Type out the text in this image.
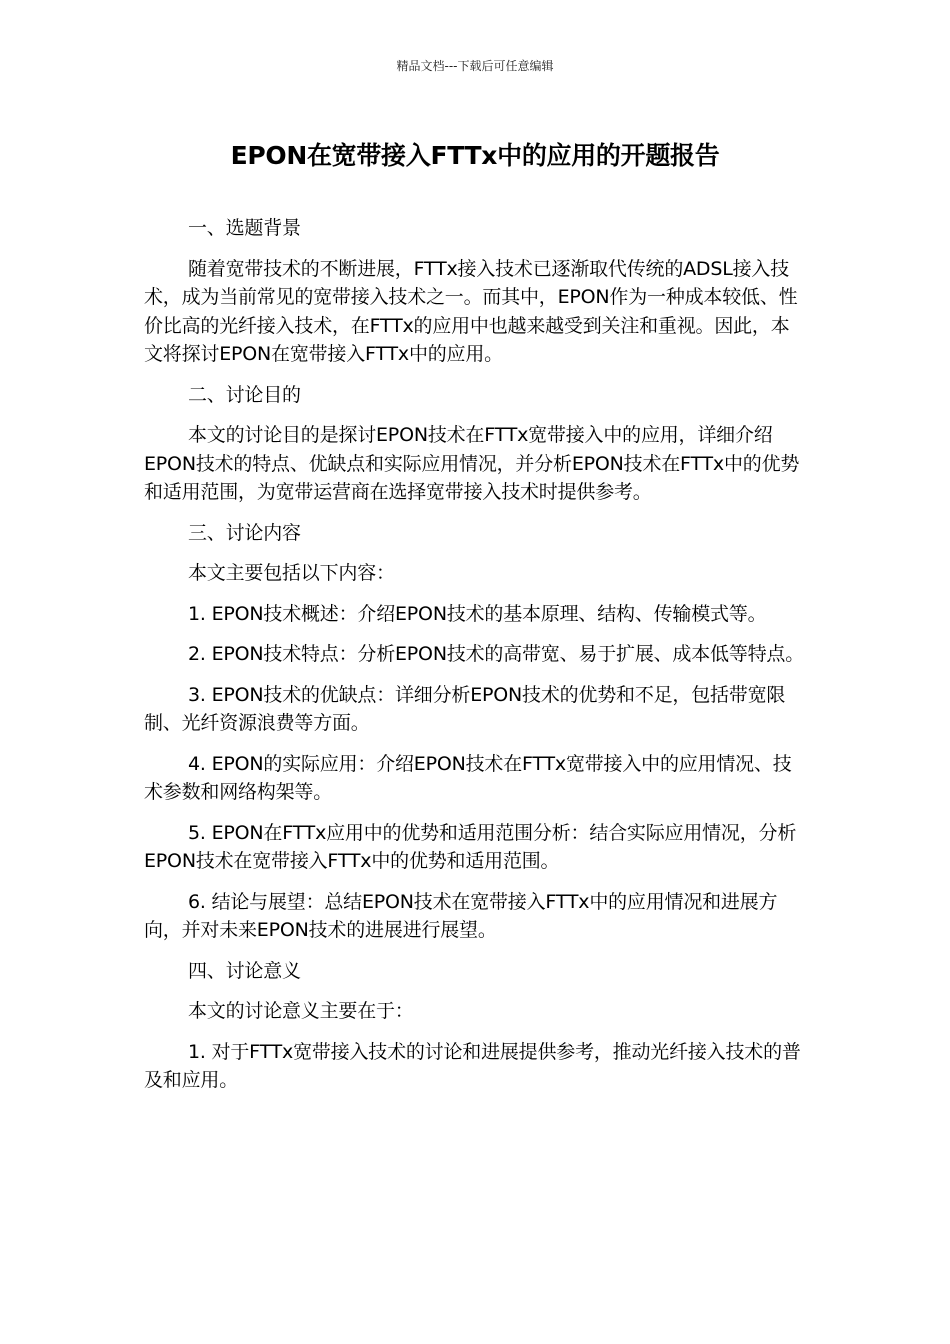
精品文档---下载后可任意编辑
EPON在宽带接入FTTx中的应用的开题报告

一、选题背景

随着宽带技术的不断进展，FTTx接入技术已逐渐取代传统的ADSL接入技术，成为当前常见的宽带接入技术之一。而其中，EPON作为一种成本较低、性价比高的光纤接入技术，在FTTx的应用中也越来越受到关注和重视。因此，本文将探讨EPON在宽带接入FTTx中的应用。

二、讨论目的

本文的讨论目的是探讨EPON技术在FTTx宽带接入中的应用，详细介绍EPON技术的特点、优缺点和实际应用情况，并分析EPON技术在FTTx中的优势和适用范围，为宽带运营商在选择宽带接入技术时提供参考。

三、讨论内容

本文主要包括以下内容：

1. EPON技术概述：介绍EPON技术的基本原理、结构、传输模式等。

2. EPON技术特点：分析EPON技术的高带宽、易于扩展、成本低等特点。

3. EPON技术的优缺点：详细分析EPON技术的优势和不足，包括带宽限制、光纤资源浪费等方面。

4. EPON的实际应用：介绍EPON技术在FTTx宽带接入中的应用情况、技术参数和网络构架等。

5. EPON在FTTx应用中的优势和适用范围分析：结合实际应用情况，分析EPON技术在宽带接入FTTx中的优势和适用范围。

6. 结论与展望：总结EPON技术在宽带接入FTTx中的应用情况和进展方向，并对未来EPON技术的进展进行展望。

四、讨论意义

本文的讨论意义主要在于：

1. 对于FTTx宽带接入技术的讨论和进展提供参考，推动光纤接入技术的普及和应用。
